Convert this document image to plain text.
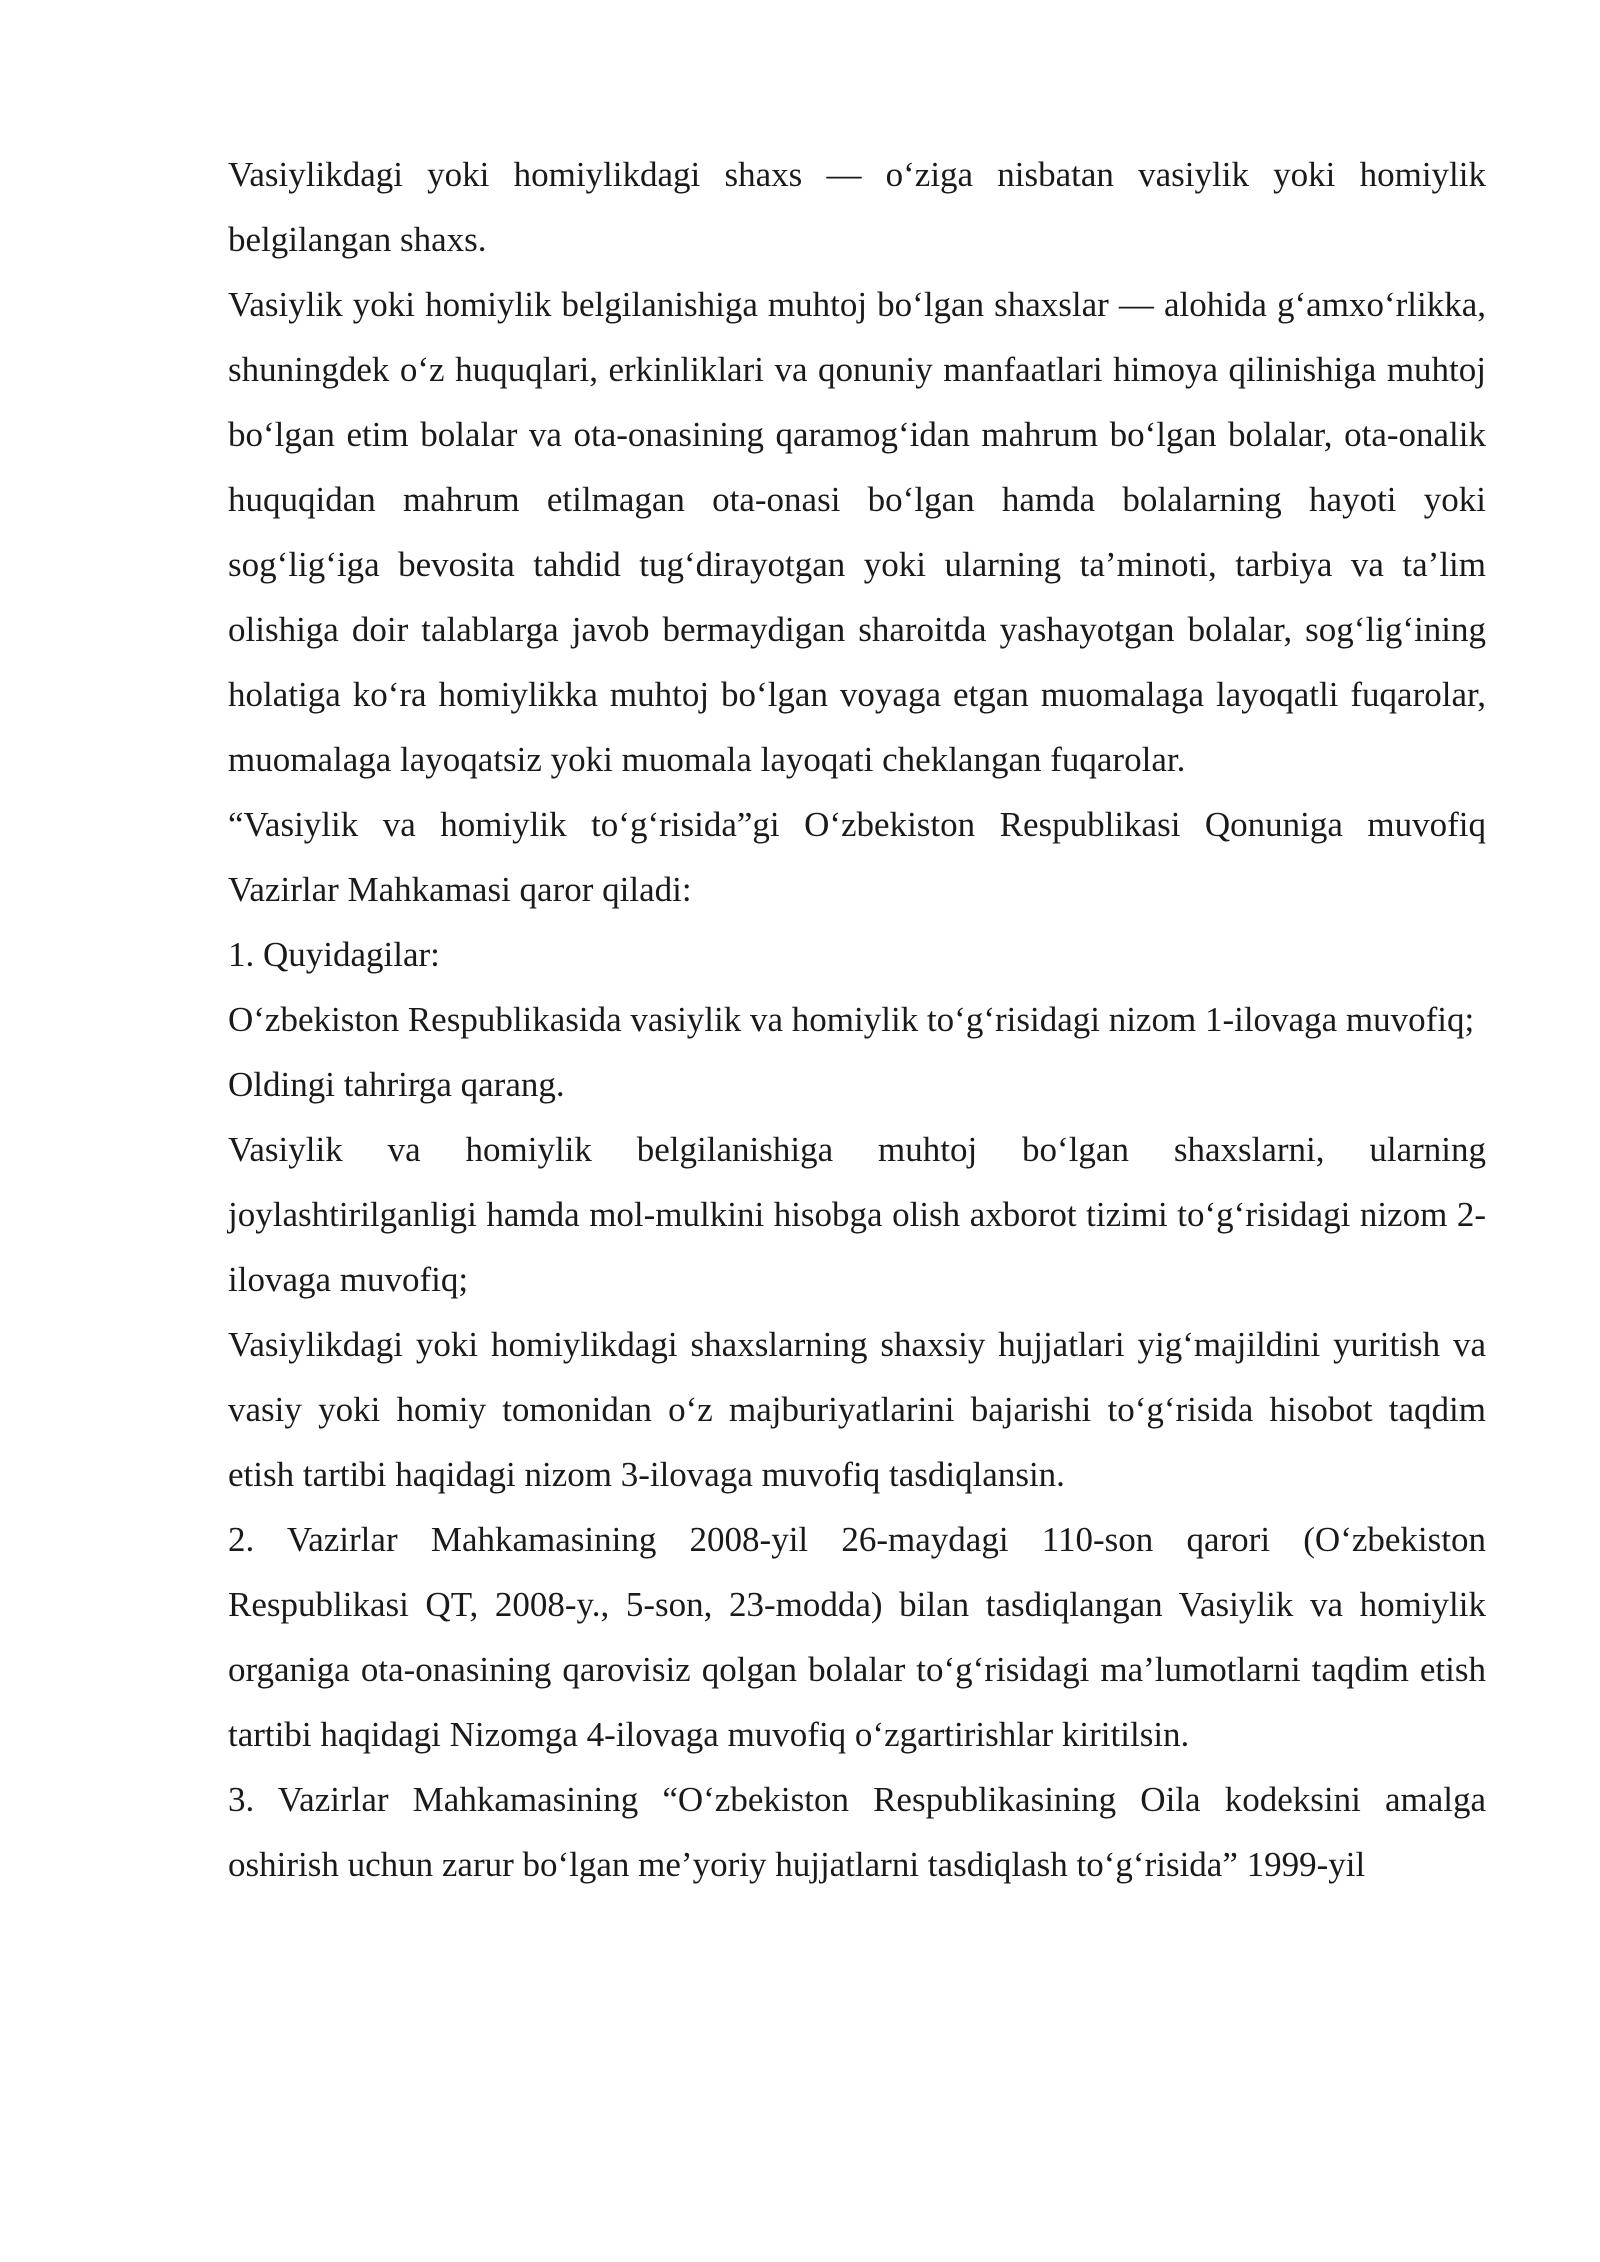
Vasiylikdagi yoki homiylikdagi shaxs — o‘ziga nisbatan vasiylik yoki homiylik belgilangan shaxs.

Vasiylik yoki homiylik belgilanishiga muhtoj bo‘lgan shaxslar — alohida g‘amxo‘rlikka, shuningdek o‘z huquqlari, erkinliklari va qonuniy manfaatlari himoya qilinishiga muhtoj bo‘lgan etim bolalar va ota-onasining qaramog‘idan mahrum bo‘lgan bolalar, ota-onalik huquqidan mahrum etilmagan ota-onasi bo‘lgan hamda bolalarning hayoti yoki sog‘lig‘iga bevosita tahdid tug‘dirayotgan yoki ularning ta’minoti, tarbiya va ta’lim olishiga doir talablarga javob bermaydigan sharoitda yashayotgan bolalar, sog‘lig‘ining holatiga ko‘ra homiylikka muhtoj bo‘lgan voyaga etgan muomalaga layoqatli fuqarolar, muomalaga layoqatsiz yoki muomala layoqati cheklangan fuqarolar.

“Vasiylik va homiylik to‘g‘risida”gi O‘zbekiston Respublikasi Qonuniga muvofiq Vazirlar Mahkamasi qaror qiladi:

1. Quyidagilar:

O‘zbekiston Respublikasida vasiylik va homiylik to‘g‘risidagi nizom 1-ilovaga muvofiq;

Oldingi tahrirga qarang.

Vasiylik va homiylik belgilanishiga muhtoj bo‘lgan shaxslarni, ularning joylashtirilganligi hamda mol-mulkini hisobga olish axborot tizimi to‘g‘risidagi nizom 2-ilovaga muvofiq;

Vasiylikdagi yoki homiylikdagi shaxslarning shaxsiy hujjatlari yig‘majildini yuritish va vasiy yoki homiy tomonidan o‘z majburiyatlarini bajarishi to‘g‘risida hisobot taqdim etish tartibi haqidagi nizom 3-ilovaga muvofiq tasdiqlansin.

2. Vazirlar Mahkamasining 2008-yil 26-maydagi 110-son qarori (O‘zbekiston Respublikasi QT, 2008-y., 5-son, 23-modda) bilan tasdiqlangan Vasiylik va homiylik organiga ota-onasining qarovisiz qolgan bolalar to‘g‘risidagi ma’lumotlarni taqdim etish tartibi haqidagi Nizomga 4-ilovaga muvofiq o‘zgartirishlar kiritilsin.

3. Vazirlar Mahkamasining “O‘zbekiston Respublikasining Oila kodeksini amalga oshirish uchun zarur bo‘lgan me’yoriy hujjatlarni tasdiqlash to‘g‘risida” 1999-yil
